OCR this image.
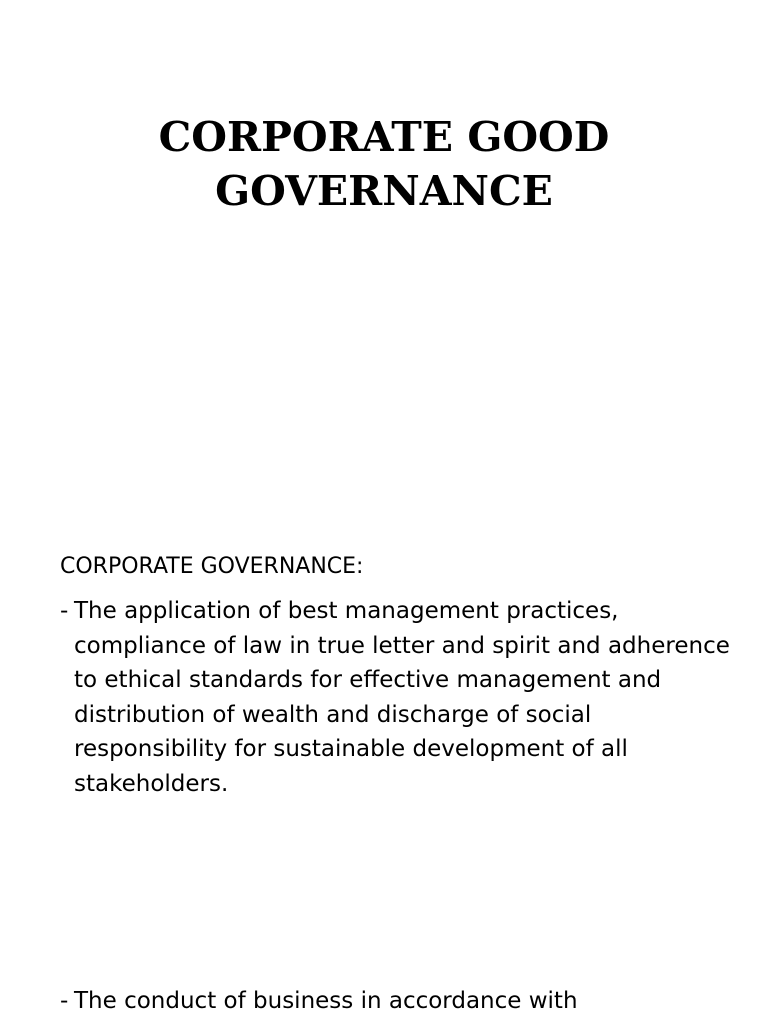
CORPORATE GOOD
GOVERNANCE
CORPORATE GOVERNANCE:
- The application of best management practices, compliance of law in true letter and spirit and adherence to ethical standards for effective management and distribution of wealth and discharge of social responsibility for sustainable development of all stakeholders.
- The conduct of business in accordance with
